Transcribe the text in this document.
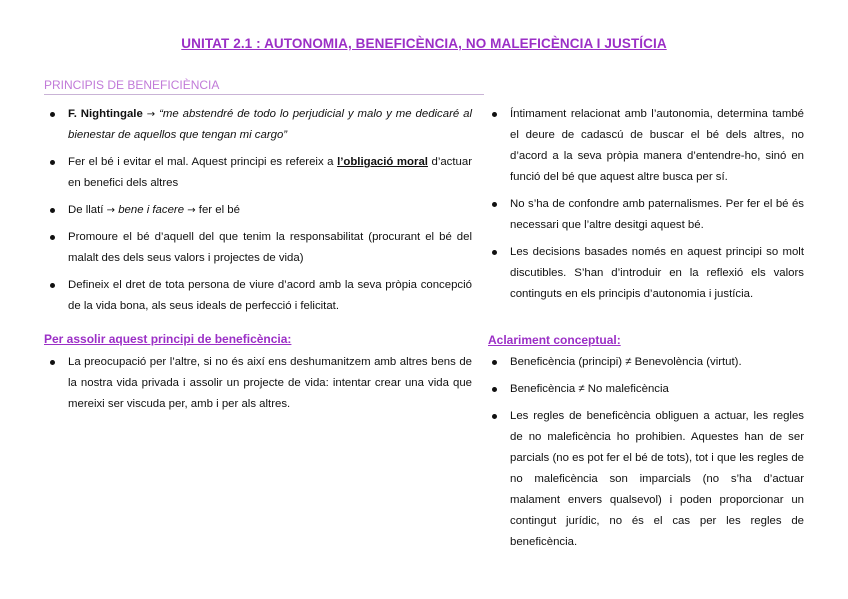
UNITAT 2.1 : AUTONOMIA, BENEFICÈNCIA, NO MALEFICÈNCIA I JUSTÍCIA
PRINCIPIS DE BENEFICIÈNCIA
F. Nightingale → “me abstendré de todo lo perjudicial y malo y me dedicaré al bienestar de aquellos que tengan mi cargo”
Fer el bé i evitar el mal. Aquest principi es refereix a l’obligació moral d’actuar en benefici dels altres
De llatí → bene i facere → fer el bé
Promoure el bé d’aquell del que tenim la responsabilitat (procurant el bé del malalt des dels seus valors i projectes de vida)
Defineix el dret de tota persona de viure d’acord amb la seva pròpia concepció de la vida bona, als seus ideals de perfecció i felicitat.
Íntimament relacionat amb l’autonomia, determina també el deure de cadascú de buscar el bé dels altres, no d’acord a la seva pròpia manera d’entendre-ho, sinó en funció del bé que aquest altre busca per sí.
No s’ha de confondre amb paternalismes. Per fer el bé és necessari que l’altre desitgi aquest bé.
Les decisions basades només en aquest principi so molt discutibles. S’han d’introduir en la reflexió els valors continguts en els principis d’autonomia i justícia.
Per assolir aquest principi de beneficència:
La preocupació per l’altre, si no és així ens deshumanitzem amb altres bens de la nostra vida privada i assolir un projecte de vida: intentar crear una vida que mereixi ser viscuda per, amb i per als altres.
Aclariment conceptual:
Beneficència (principi) ≠ Benevolència (virtut).
Beneficència ≠ No maleficència
Les regles de beneficència obliguen a actuar, les regles de no maleficència ho prohibien. Aquestes han de ser parcials (no es pot fer el bé de tots), tot i que les regles de no maleficència son imparcials (no s’ha d’actuar malament envers qualsevol) i poden proporcionar un contingut jurídic, no és el cas per les regles de beneficència.
